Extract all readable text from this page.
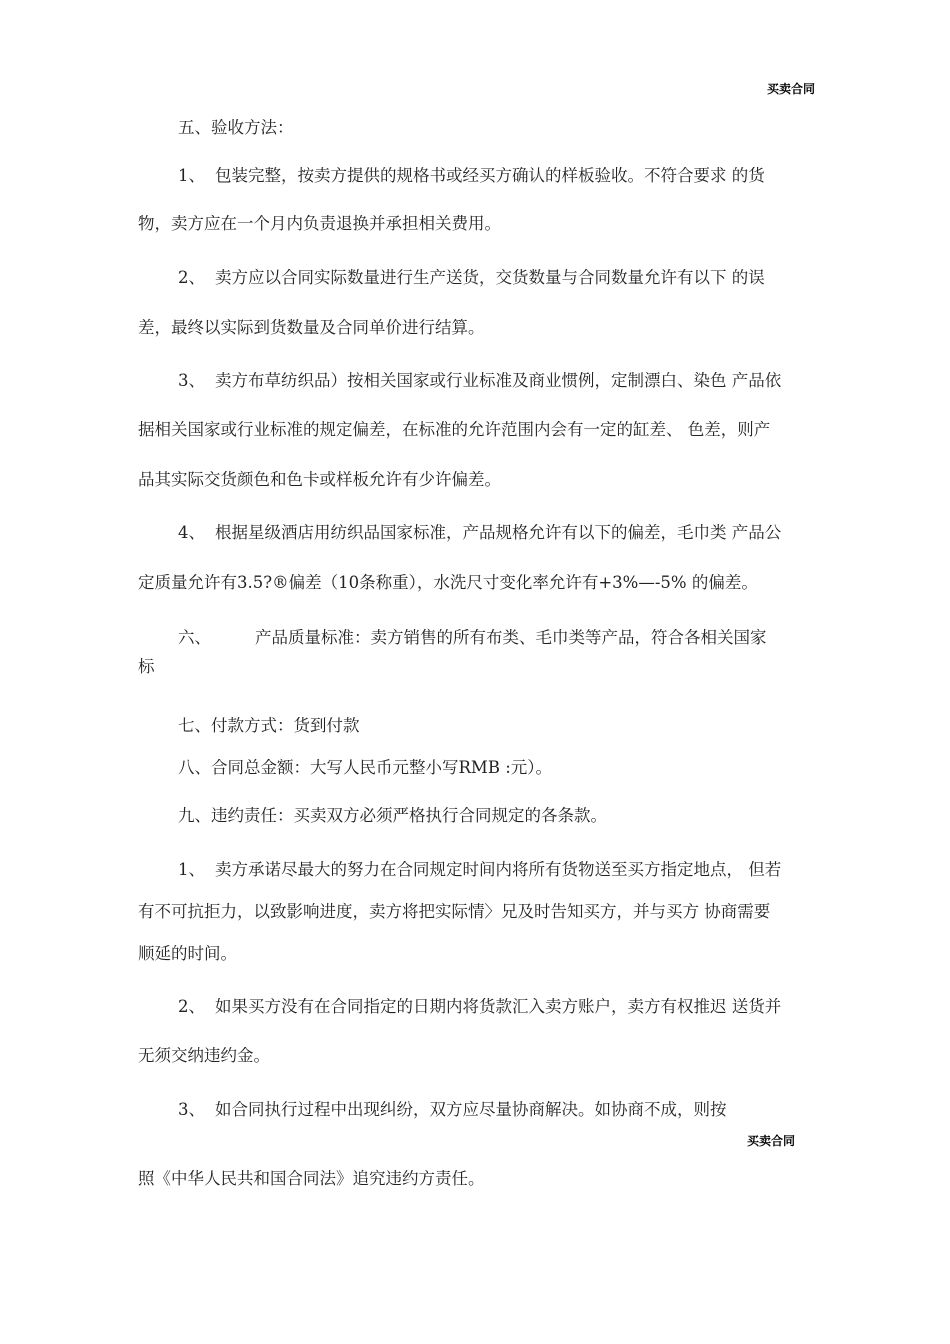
买卖合同
五、验收方法：
1、 包装完整，按卖方提供的规格书或经买方确认的样板验收。不符合要求 的货
物，卖方应在一个月内负责退换并承担相关费用。
2、 卖方应以合同实际数量进行生产送货，交货数量与合同数量允许有以下 的误
差，最终以实际到货数量及合同单价进行结算。
3、 卖方布草纺织品）按相关国家或行业标准及商业惯例，定制漂白、染色 产品依
据相关国家或行业标准的规定偏差，在标准的允许范围内会有一定的缸差、 色差，则产
品其实际交货颜色和色卡或样板允许有少许偏差。
4、 根据星级酒店用纺织品国家标准，产品规格允许有以下的偏差，毛巾类 产品公
定质量允许有3.5?®偏差（10条称重），水洗尺寸变化率允许有+3%—-5% 的偏差。
六、	产品质量标准：卖方销售的所有布类、毛巾类等产品，符合各相关国家
标
七、付款方式：货到付款
八、合同总金额：大写人民币元整小写RMB :元）。
九、违约责任：买卖双方必须严格执行合同规定的各条款。
1、 卖方承诺尽最大的努力在合同规定时间内将所有货物送至买方指定地点， 但若
有不可抗拒力，以致影响进度，卖方将把实际情〉兄及时告知买方，并与买方 协商需要
顺延的时间。
2、 如果买方没有在合同指定的日期内将货款汇入卖方账户，卖方有权推迟 送货并
无须交纳违约金。
3、 如合同执行过程中出现纠纷，双方应尽量协商解决。如协商不成，则按
买卖合同
照《中华人民共和国合同法》追究违约方责任。
